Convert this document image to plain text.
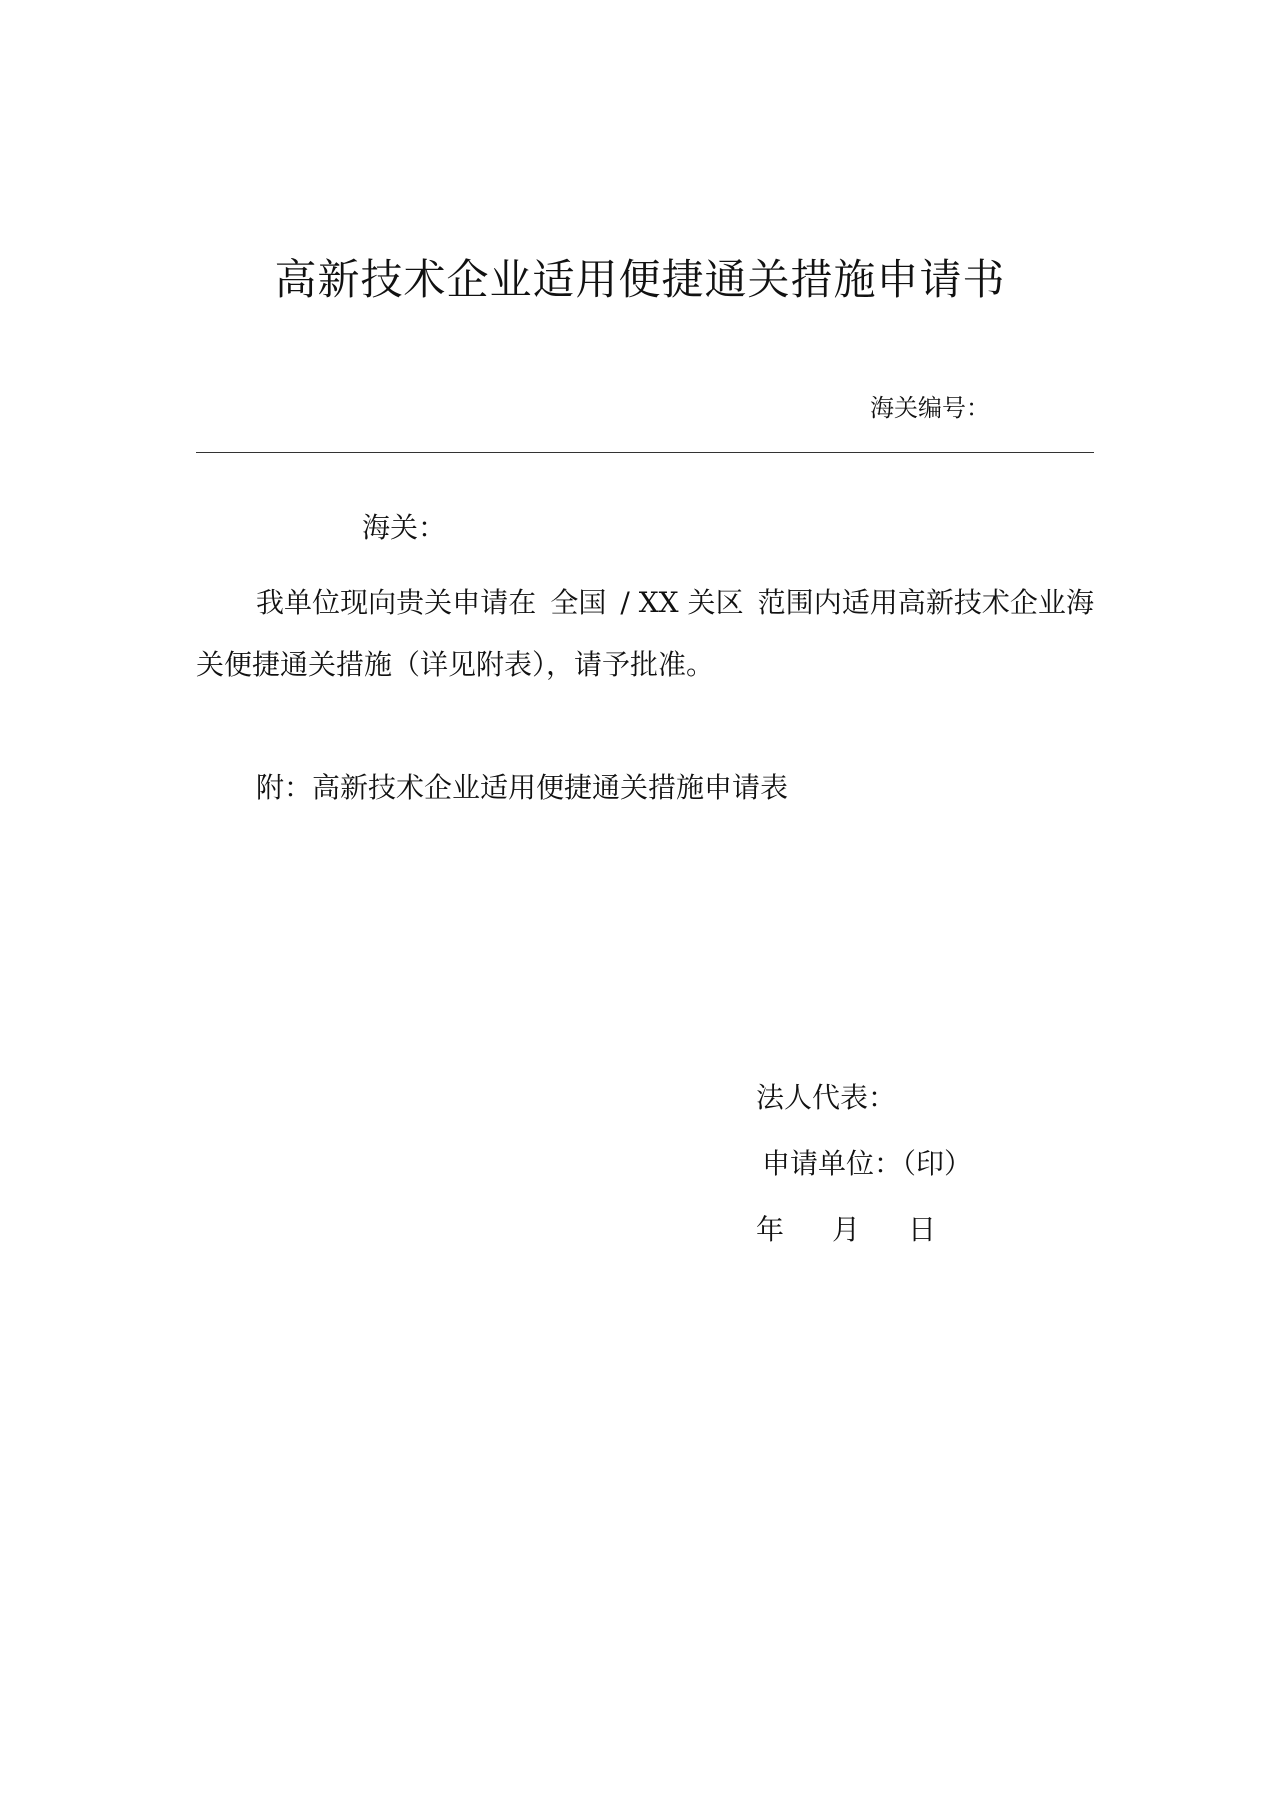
高新技术企业适用便捷通关措施申请书
海关编号：
海关：
我单位现向贵关申请在 全国 / XX 关区 范围内适用高新技术企业海关便捷通关措施（详见附表），请予批准。
附：高新技术企业适用便捷通关措施申请表
法人代表：
申请单位：（印）
年	月	日
